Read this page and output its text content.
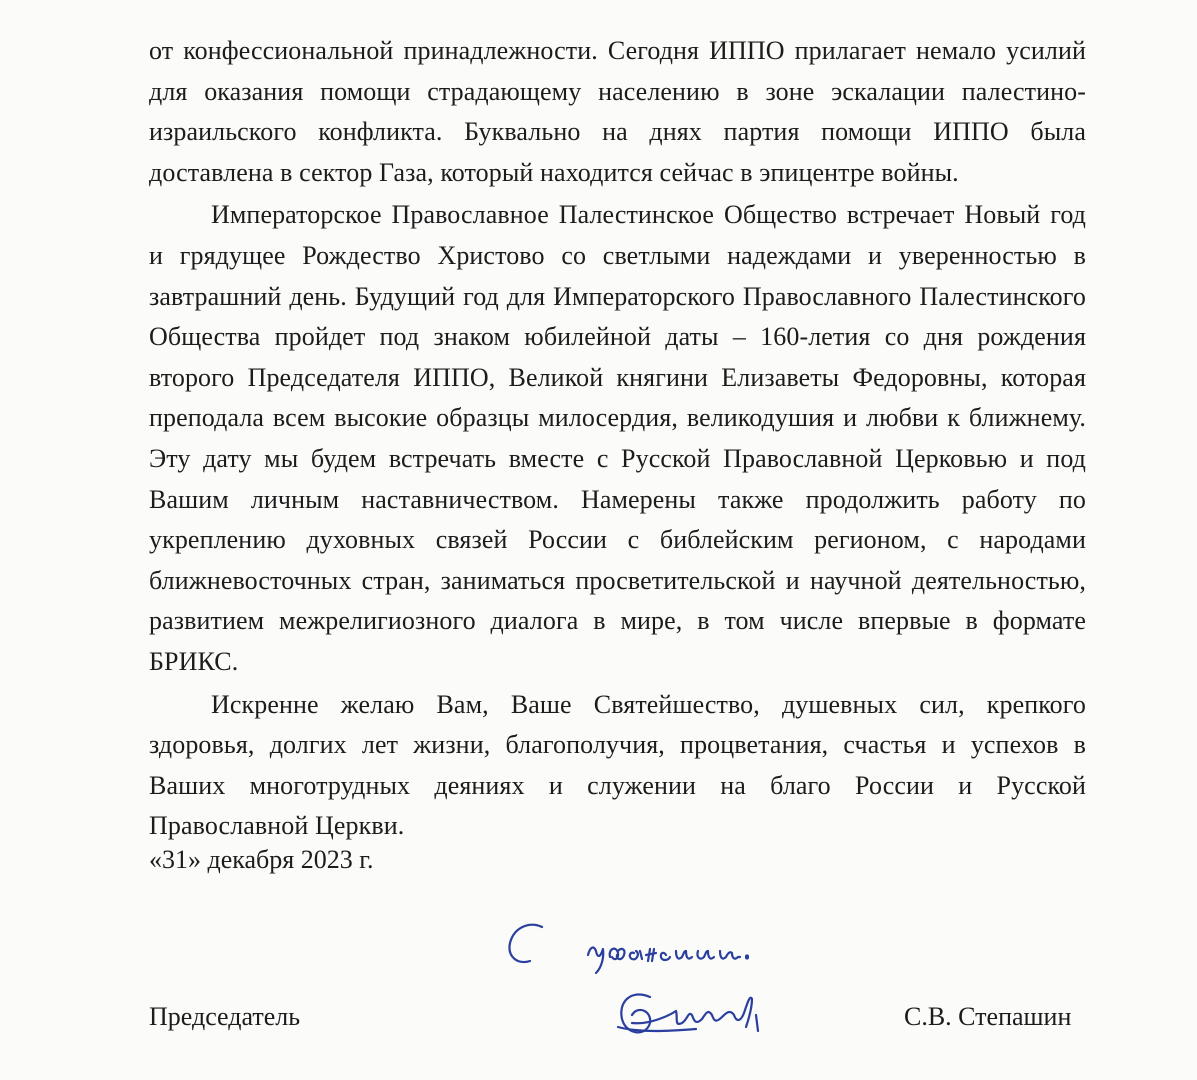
от конфессиональной принадлежности. Сегодня ИППО прилагает немало усилий для оказания помощи страдающему населению в зоне эскалации палестино-израильского конфликта. Буквально на днях партия помощи ИППО была доставлена в сектор Газа, который находится сейчас в эпицентре войны.

Императорское Православное Палестинское Общество встречает Новый год и грядущее Рождество Христово со светлыми надеждами и уверенностью в завтрашний день. Будущий год для Императорского Православного Палестинского Общества пройдет под знаком юбилейной даты – 160-летия со дня рождения второго Председателя ИППО, Великой княгини Елизаветы Федоровны, которая преподала всем высокие образцы милосердия, великодушия и любви к ближнему. Эту дату мы будем встречать вместе с Русской Православной Церковью и под Вашим личным наставничеством. Намерены также продолжить работу по укреплению духовных связей России с библейским регионом, с народами ближневосточных стран, заниматься просветительской и научной деятельностью, развитием межрелигиозного диалога в мире, в том числе впервые в формате БРИКС.

Искренне желаю Вам, Ваше Святейшество, душевных сил, крепкого здоровья, долгих лет жизни, благополучия, процветания, счастья и успехов в Ваших многотрудных деяниях и служении на благо России и Русской Православной Церкви.

«31» декабря 2023 г.
Председатель	С.В. Степашин
